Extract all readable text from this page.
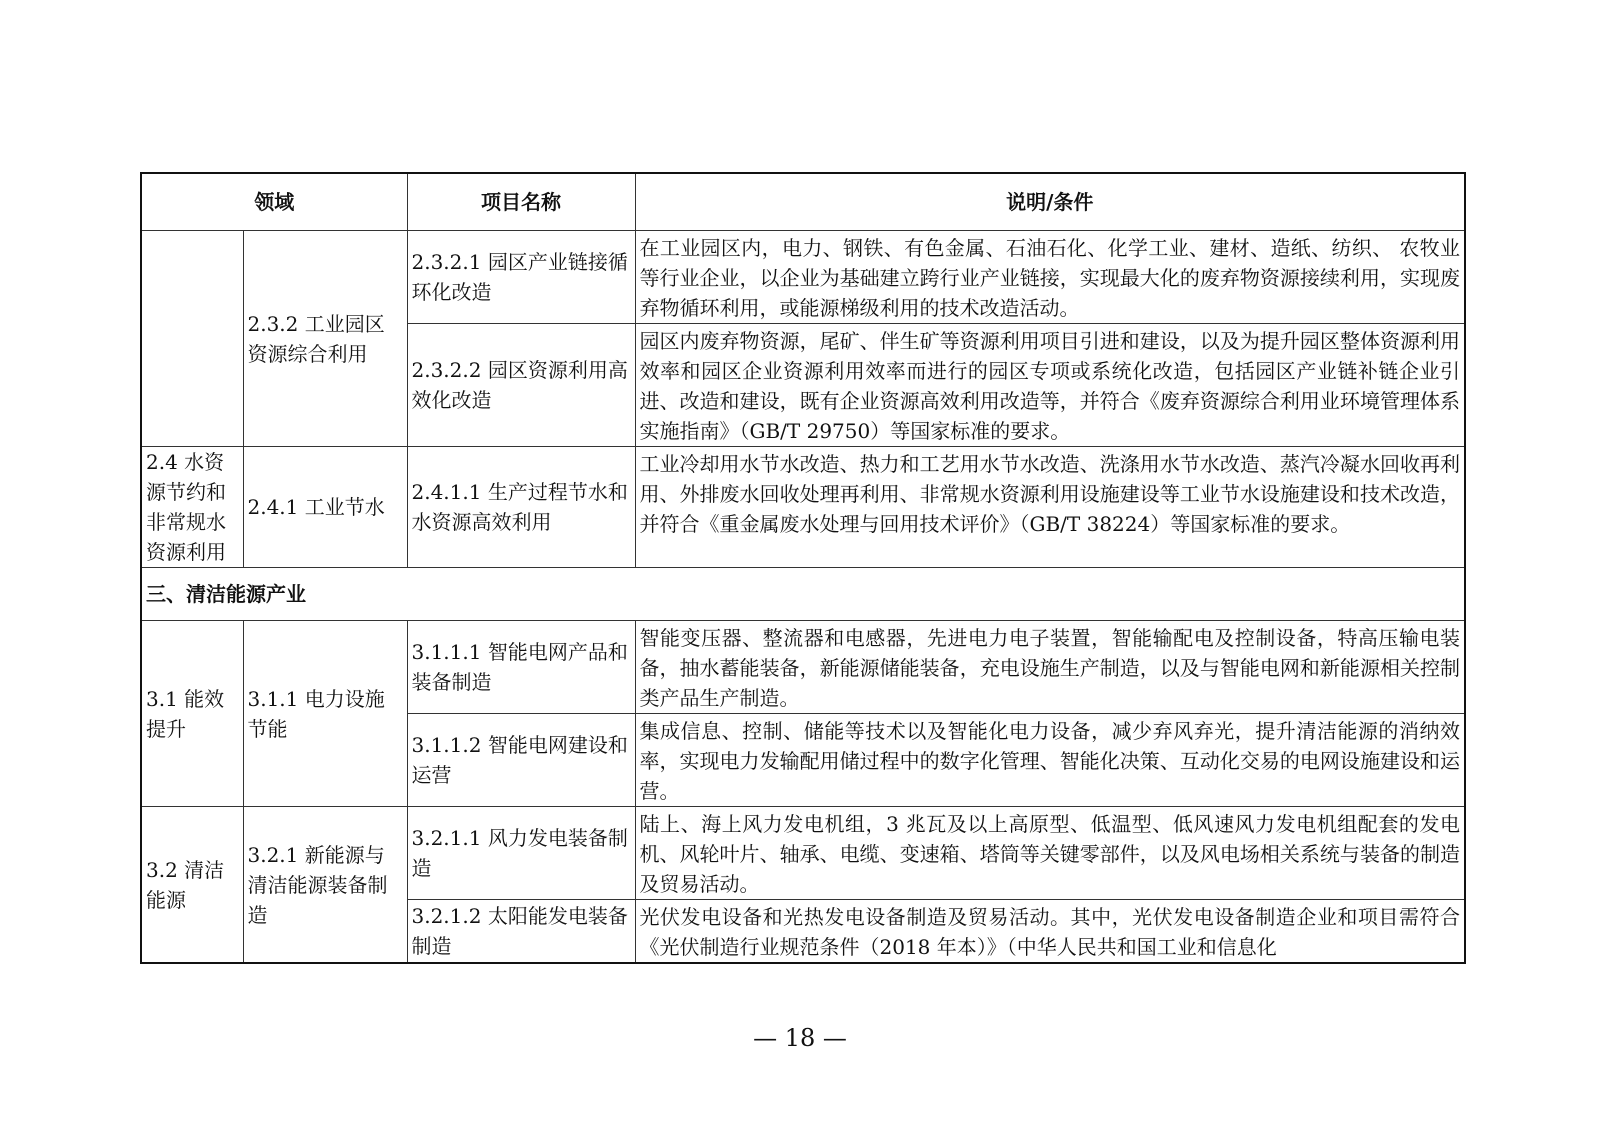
领域		项目名称	说明/条件
	2.3.2 工业园区资源综合利用	2.3.2.1 园区产业链接循环化改造	在工业园区内，电力、钢铁、有色金属、石油石化、化学工业、建材、造纸、纺织、 农牧业等行业企业，以企业为基础建立跨行业产业链接，实现最大化的废弃物资源接续利用，实现废弃物循环利用，或能源梯级利用的技术改造活动。
		2.3.2.2 园区资源利用高效化改造	园区内废弃物资源，尾矿、伴生矿等资源利用项目引进和建设，以及为提升园区整体资源利用效率和园区企业资源利用效率而进行的园区专项或系统化改造，包括园区产业链补链企业引进、改造和建设，既有企业资源高效利用改造等，并符合《废弃资源综合利用业环境管理体系实施指南》（GB/T 29750）等国家标准的要求。
2.4 水资源节约和非常规水资源利用	2.4.1 工业节水	2.4.1.1 生产过程节水和水资源高效利用	工业冷却用水节水改造、热力和工艺用水节水改造、洗涤用水节水改造、蒸汽冷凝水回收再利用、外排废水回收处理再利用、非常规水资源利用设施建设等工业节水设施建设和技术改造，并符合《重金属废水处理与回用技术评价》（GB/T 38224）等国家标准的要求。
三、清洁能源产业			
3.1 能效提升	3.1.1 电力设施节能	3.1.1.1 智能电网产品和装备制造	智能变压器、整流器和电感器，先进电力电子装置，智能输配电及控制设备，特高压输电装备，抽水蓄能装备，新能源储能装备，充电设施生产制造，以及与智能电网和新能源相关控制类产品生产制造。
		3.1.1.2 智能电网建设和运营	集成信息、控制、储能等技术以及智能化电力设备，减少弃风弃光，提升清洁能源的消纳效率，实现电力发输配用储过程中的数字化管理、智能化决策、互动化交易的电网设施建设和运营。
3.2 清洁能源	3.2.1 新能源与清洁能源装备制造	3.2.1.1 风力发电装备制造	陆上、海上风力发电机组，3 兆瓦及以上高原型、低温型、低风速风力发电机组配套的发电机、风轮叶片、轴承、电缆、变速箱、塔筒等关键零部件，以及风电场相关系统与装备的制造及贸易活动。
		3.2.1.2 太阳能发电装备制造	光伏发电设备和光热发电设备制造及贸易活动。其中，光伏发电设备制造企业和项目需符合《光伏制造行业规范条件（2018 年本）》（中华人民共和国工业和信息化
— 18 —
